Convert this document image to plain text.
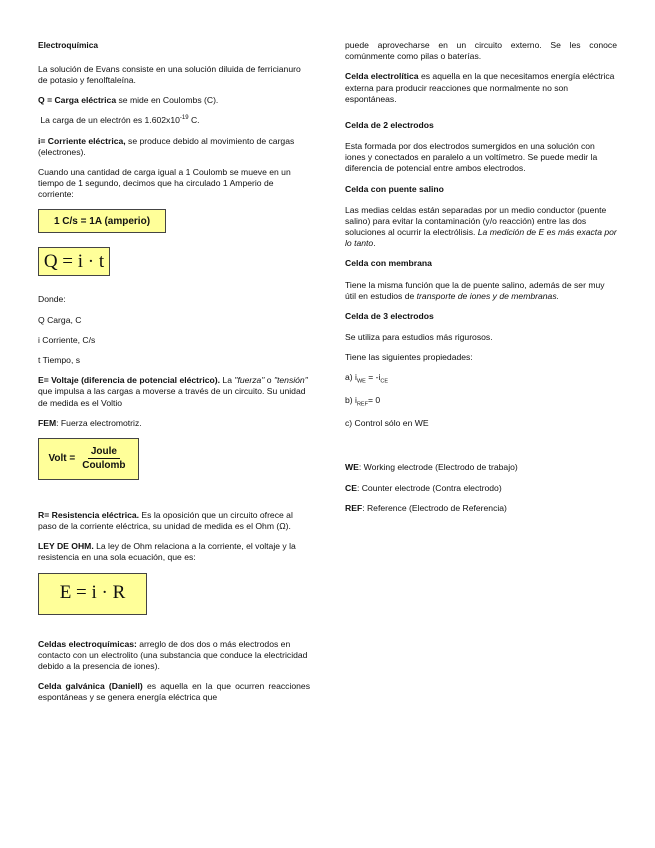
Electroquímica

La solución de Evans consiste en una solución diluida de ferricianuro de potasio y fenolftaleína.

Q = Carga eléctrica se mide en Coulombs (C).

La carga de un electrón es $1.602x10^{-19}$ C.

i= Corriente eléctrica, se produce debido al movimiento de cargas (electrones).

Cuando una cantidad de carga igual a 1 Coulomb se mueve en un tiempo de 1 segundo, decimos que ha circulado 1 Amperio de corriente:

1 C/s = 1A (amperio)
Q = i · t

Donde:

Q Carga, C

i Corriente, C/s

t Tiempo, s

E= Voltaje (diferencia de potencial eléctrico). La "fuerza" o "tensión" que impulsa a las cargas a moverse a través de un circuito. Su unidad de medida es el Voltio

FEM: Fuerza electromotriz.

Volt = $\frac{\text{Joule}}{\text{Coulomb}}$

R= Resistencia eléctrica. Es la oposición que un circuito ofrece al paso de la corriente eléctrica, su unidad de medida es el Ohm (Ω).

LEY DE OHM. La ley de Ohm relaciona a la corriente, el voltaje y la resistencia en una sola ecuación, que es:

E = i · R

Celdas electroquímicas: arreglo de dos dos o más electrodos en contacto con un electrolito (una substancia que conduce la electricidad debido a la presencia de iones).

Celda galvánica (Daniell) es aquella en la que ocurren reacciones espontáneas y se genera energía eléctrica que

puede aprovecharse en un circuito externo. Se les conoce comúnmente como pilas o baterías.

Celda electrolítica es aquella en la que necesitamos energía eléctrica externa para producir reacciones que normalmente no son espontáneas.

Celda de 2 electrodos

Esta formada por dos electrodos sumergidos en una solución con iones y conectados en paralelo a un voltímetro. Se puede medir la diferencia de potencial entre ambos electrodos.

Celda con puente salino

Las medias celdas están separadas por un medio conductor (puente salino) para evitar la contaminación (y/o reacción) entre las dos soluciones al ocurrir la electrólisis. La medición de E es más exacta por lo tanto.

Celda con membrana

Tiene la misma función que la de puente salino, además de ser muy útil en estudios de transporte de iones y de membranas.

Celda de 3 electrodos

Se utiliza para estudios más rigurosos.

Tiene las siguientes propiedades:

a) $i_{WE} = -i_{CE}$

b) $i_{REF}= 0$

c) Control sólo en WE

WE: Working electrode (Electrodo de trabajo)

CE: Counter electrode (Contra electrodo)

REF: Reference (Electrodo de Referencia)
